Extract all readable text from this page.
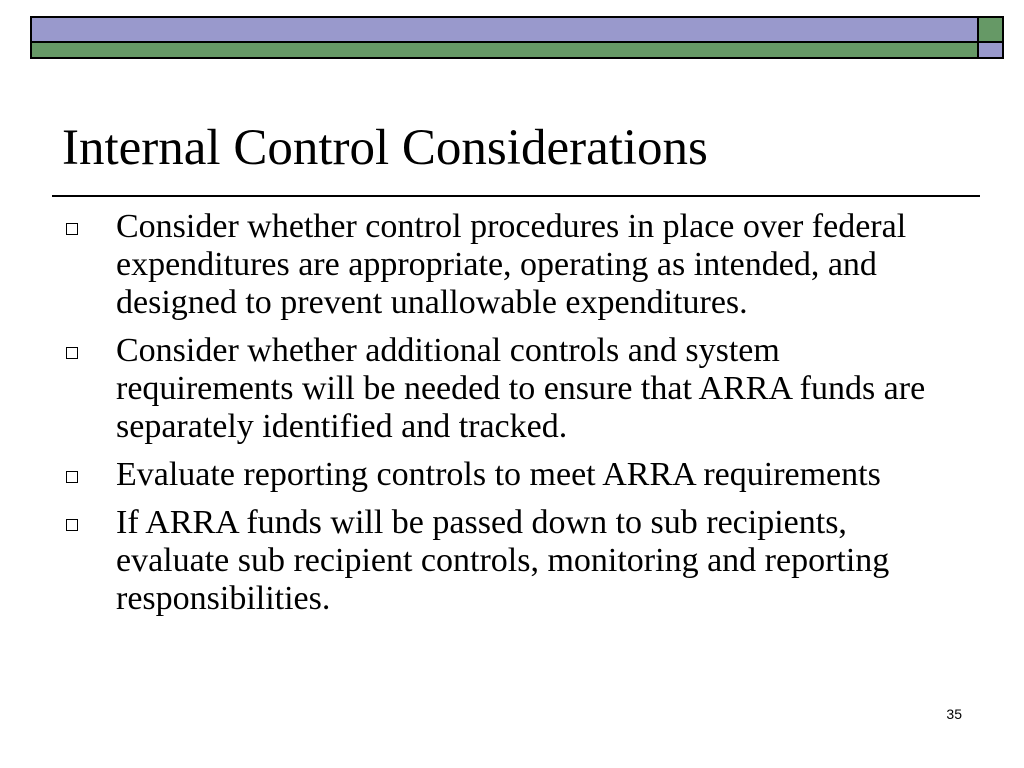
Internal Control Considerations
Consider whether control procedures in place over federal expenditures are appropriate, operating as intended, and designed to prevent unallowable expenditures.
Consider whether additional controls and system requirements will be needed to ensure that ARRA funds are separately identified and tracked.
Evaluate reporting controls to meet ARRA requirements
If ARRA funds will be passed down to sub recipients, evaluate sub recipient controls, monitoring and reporting responsibilities.
35
